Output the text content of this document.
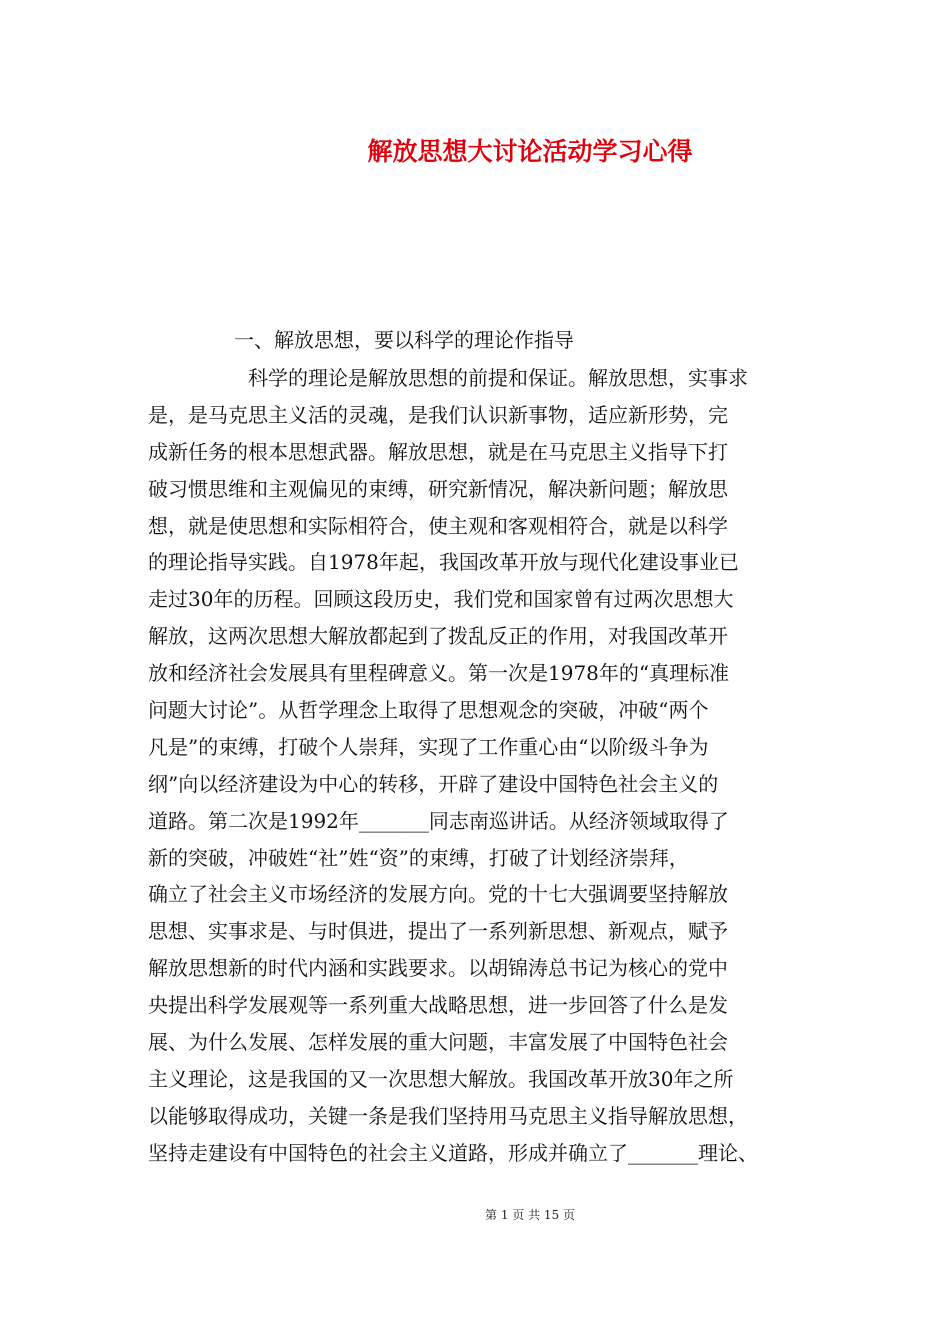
解放思想大讨论活动学习心得
一、解放思想，要以科学的理论作指导
科学的理论是解放思想的前提和保证。解放思想，实事求
是，是马克思主义活的灵魂，是我们认识新事物，适应新形势，完
成新任务的根本思想武器。解放思想，就是在马克思主义指导下打
破习惯思维和主观偏见的束缚，研究新情况，解决新问题；解放思
想，就是使思想和实际相符合，使主观和客观相符合，就是以科学
的理论指导实践。自1978年起，我国改革开放与现代化建设事业已
走过30年的历程。回顾这段历史，我们党和国家曾有过两次思想大
解放，这两次思想大解放都起到了拨乱反正的作用，对我国改革开
放和经济社会发展具有里程碑意义。第一次是1978年的“真理标准
问题大讨论”。从哲学理念上取得了思想观念的突破，冲破“两个
凡是”的束缚，打破个人崇拜，实现了工作重心由“以阶级斗争为
纲”向以经济建设为中心的转移，开辟了建设中国特色社会主义的
道路。第二次是1992年_______同志南巡讲话。从经济领域取得了
新的突破，冲破姓“社”姓“资”的束缚，打破了计划经济崇拜，
确立了社会主义市场经济的发展方向。党的十七大强调要坚持解放
思想、实事求是、与时俱进，提出了一系列新思想、新观点，赋予
解放思想新的时代内涵和实践要求。以胡锦涛总书记为核心的党中
央提出科学发展观等一系列重大战略思想，进一步回答了什么是发
展、为什么发展、怎样发展的重大问题，丰富发展了中国特色社会
主义理论，这是我国的又一次思想大解放。我国改革开放30年之所
以能够取得成功，关键一条是我们坚持用马克思主义指导解放思想，
坚持走建设有中国特色的社会主义道路，形成并确立了_______理论、
第 1 页 共 15 页
